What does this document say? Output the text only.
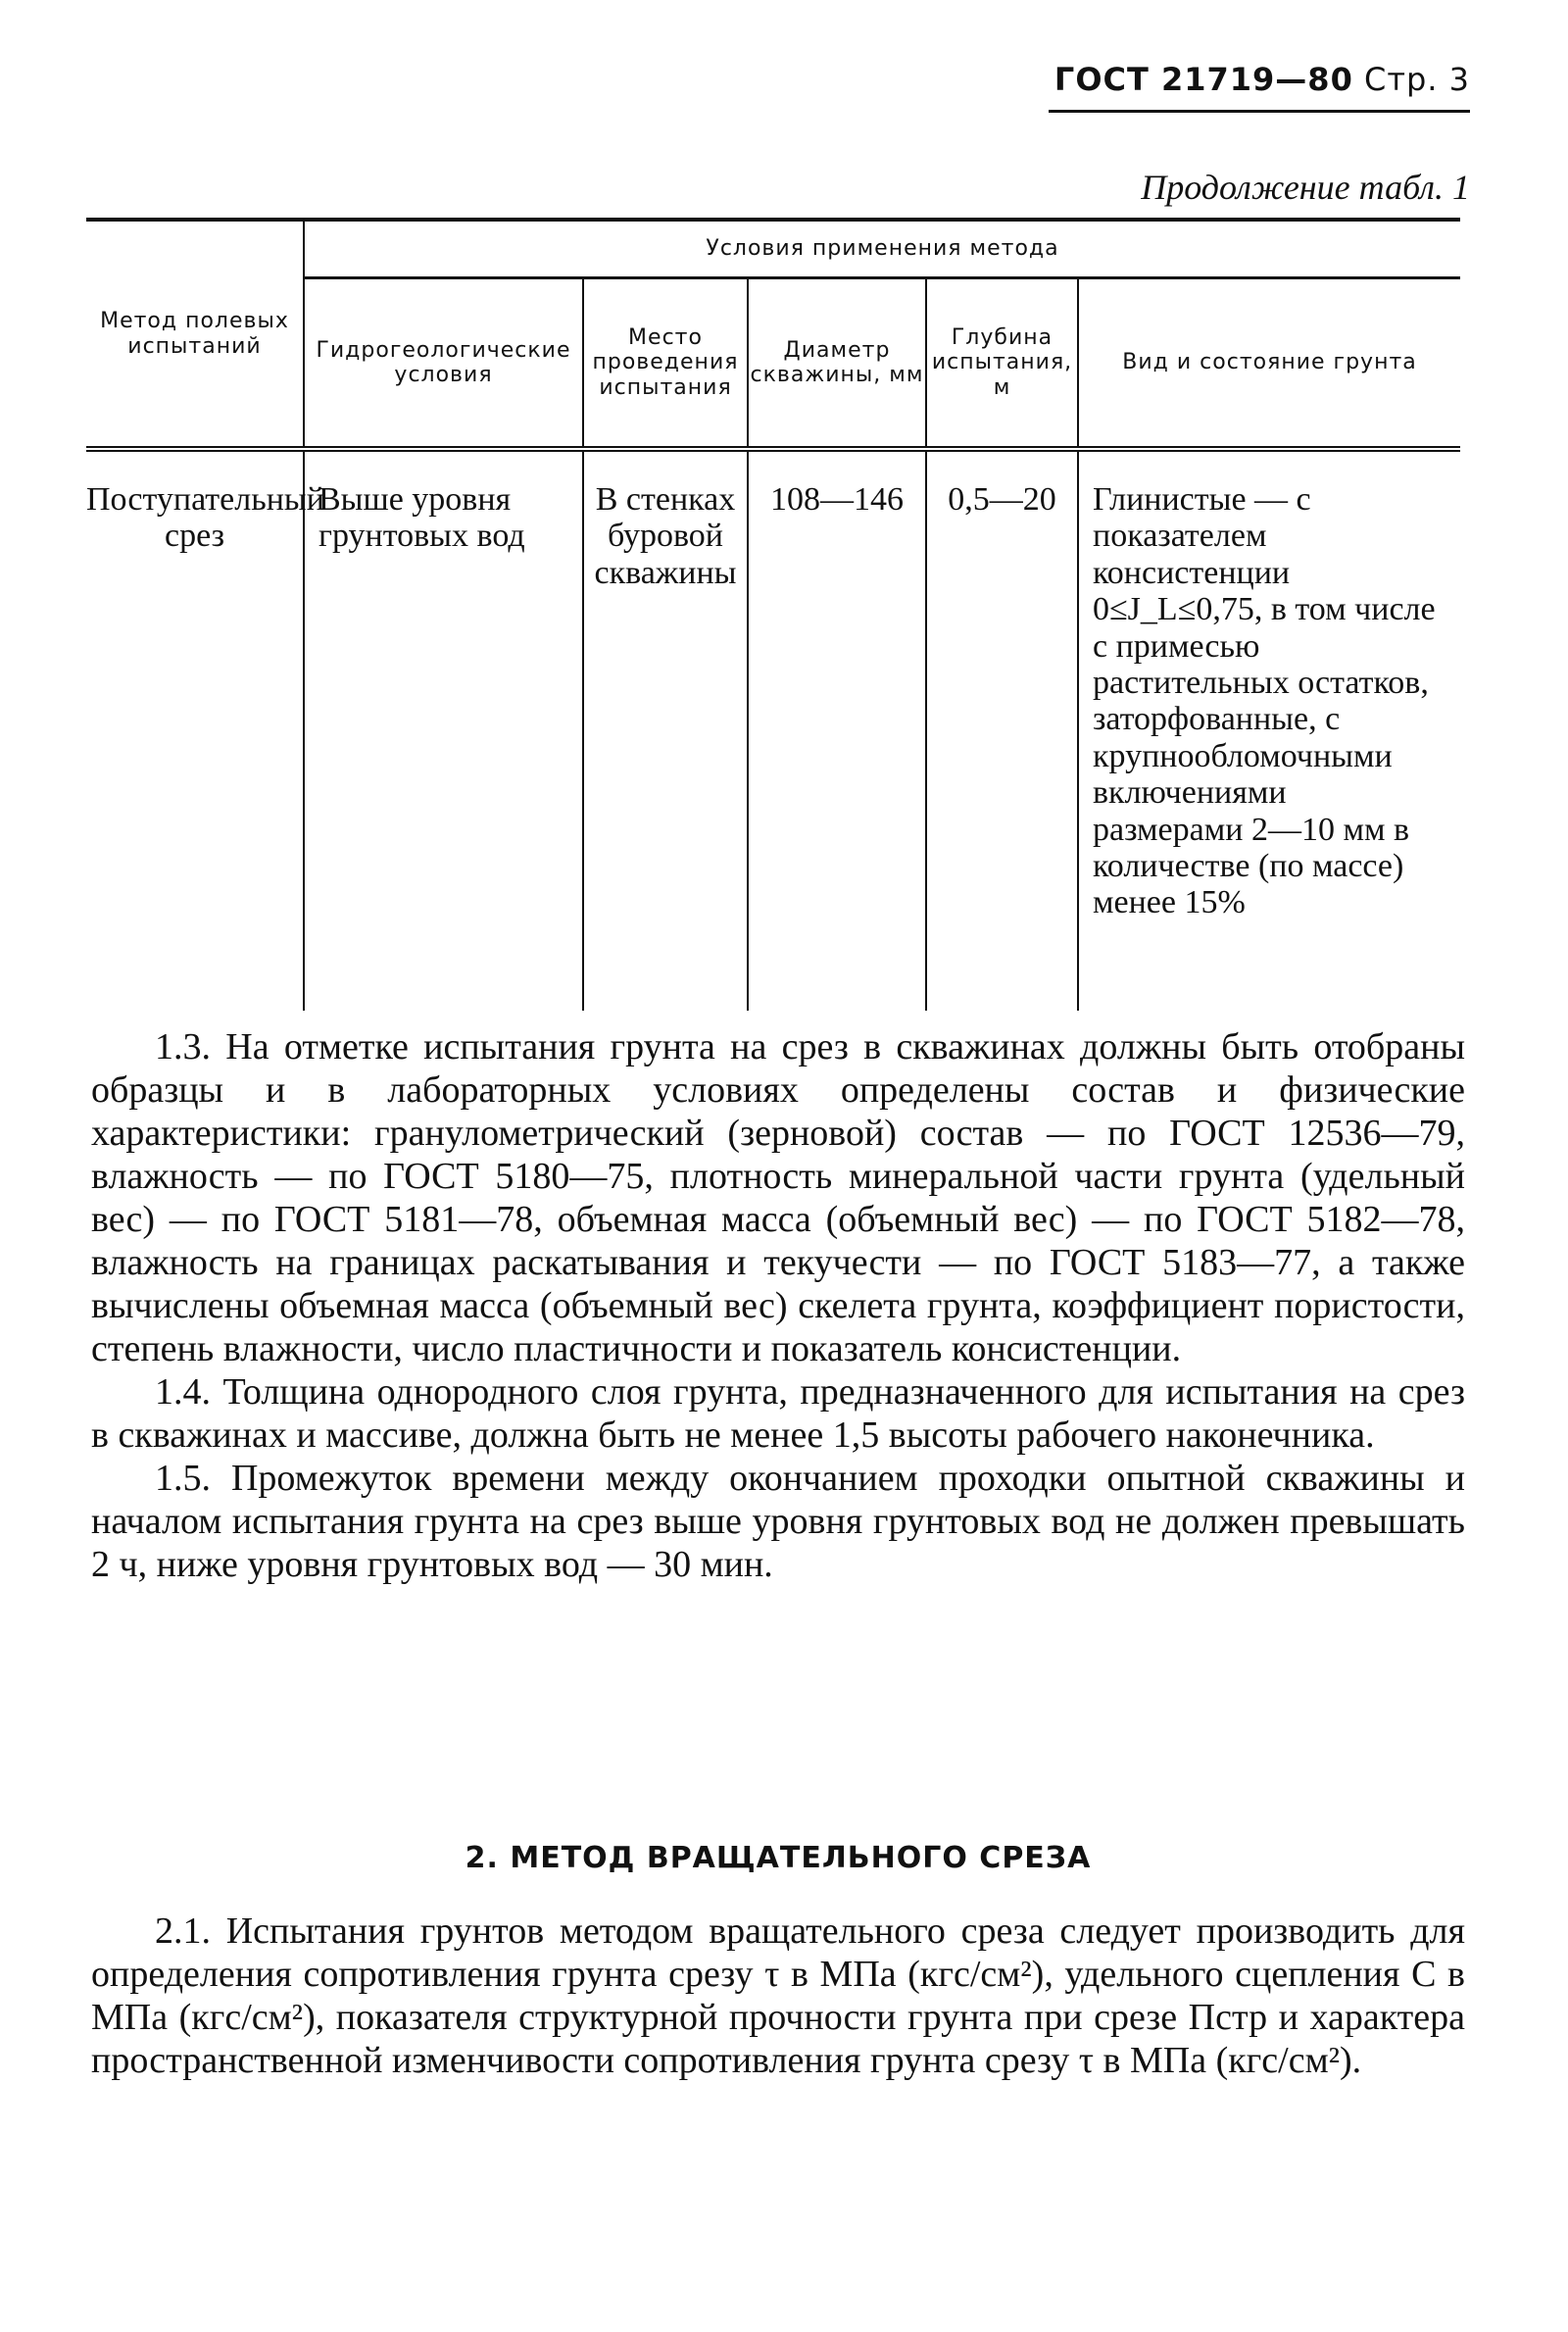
ГОСТ 21719—80 Стр. 3
Продолжение табл. 1
Метод полевых испытаний	Условия применения метода				
	Гидрогеологические условия	Место проведения испытания	Диаметр скважины, мм	Глубина испытания, м	Вид и состояние грунта
Поступательный срез	Выше уровня грунтовых вод	В стенках буровой скважины	108—146	0,5—20	Глинистые — с показателем консистенции 0≤J_L≤0,75, в том числе с примесью растительных остатков, заторфованные, с крупнообломочными включениями размерами 2—10 мм в количестве (по массе) менее 15%

1.3. На отметке испытания грунта на срез в скважинах должны быть отобраны образцы и в лабораторных условиях определены состав и физические характеристики: гранулометрический (зерновой) состав — по ГОСТ 12536—79, влажность — по ГОСТ 5180—75, плотность минеральной части грунта (удельный вес) — по ГОСТ 5181—78, объемная масса (объемный вес) — по ГОСТ 5182—78, влажность на границах раскатывания и текучести — по ГОСТ 5183—77, а также вычислены объемная масса (объемный вес) скелета грунта, коэффициент пористости, степень влажности, число пластичности и показатель консистенции.

1.4. Толщина однородного слоя грунта, предназначенного для испытания на срез в скважинах и массиве, должна быть не менее 1,5 высоты рабочего наконечника.

1.5. Промежуток времени между окончанием проходки опытной скважины и началом испытания грунта на срез выше уровня грунтовых вод не должен превышать 2 ч, ниже уровня грунтовых вод — 30 мин.

2. МЕТОД ВРАЩАТЕЛЬНОГО СРЕЗА

2.1. Испытания грунтов методом вращательного среза следует производить для определения сопротивления грунта срезу τ в МПа (кгс/см²), удельного сцепления C в МПа (кгс/см²), показателя структурной прочности грунта при срезе Пстр и характера пространственной изменчивости сопротивления грунта срезу τ в МПа (кгс/см²).
